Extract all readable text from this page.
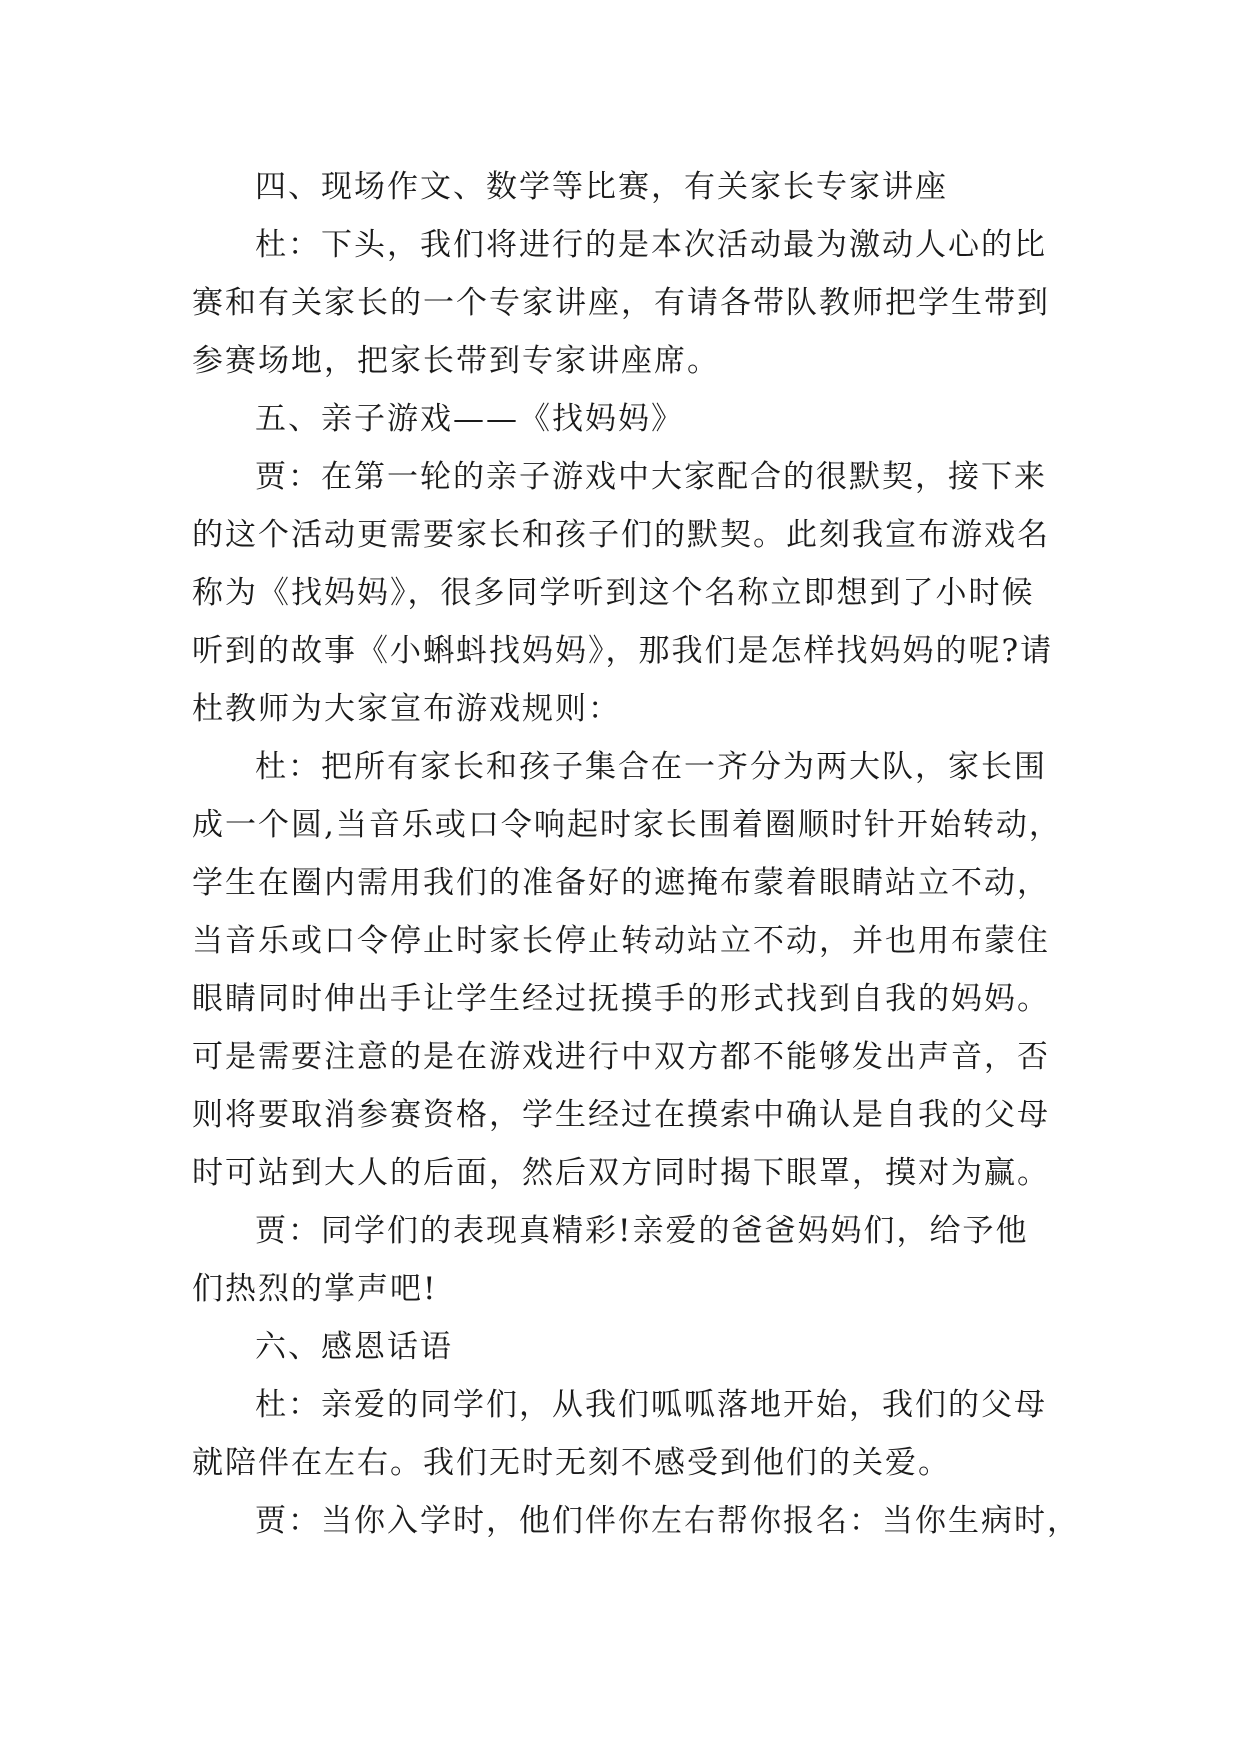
四、现场作文、数学等比赛，有关家长专家讲座
杜：下头，我们将进行的是本次活动最为激动人心的比
赛和有关家长的一个专家讲座，有请各带队教师把学生带到
参赛场地，把家长带到专家讲座席。
五、亲子游戏——《找妈妈》
贾：在第一轮的亲子游戏中大家配合的很默契，接下来
的这个活动更需要家长和孩子们的默契。此刻我宣布游戏名
称为《找妈妈》，很多同学听到这个名称立即想到了小时候
听到的故事《小蝌蚪找妈妈》，那我们是怎样找妈妈的呢?请
杜教师为大家宣布游戏规则：
杜：把所有家长和孩子集合在一齐分为两大队，家长围
成一个圆,当音乐或口令响起时家长围着圈顺时针开始转动，
学生在圈内需用我们的准备好的遮掩布蒙着眼睛站立不动，
当音乐或口令停止时家长停止转动站立不动，并也用布蒙住
眼睛同时伸出手让学生经过抚摸手的形式找到自我的妈妈。
可是需要注意的是在游戏进行中双方都不能够发出声音，否
则将要取消参赛资格，学生经过在摸索中确认是自我的父母
时可站到大人的后面，然后双方同时揭下眼罩，摸对为赢。
贾：同学们的表现真精彩!亲爱的爸爸妈妈们，给予他
们热烈的掌声吧!
六、感恩话语
杜：亲爱的同学们，从我们呱呱落地开始，我们的父母
就陪伴在左右。我们无时无刻不感受到他们的关爱。
贾：当你入学时，他们伴你左右帮你报名：当你生病时，
